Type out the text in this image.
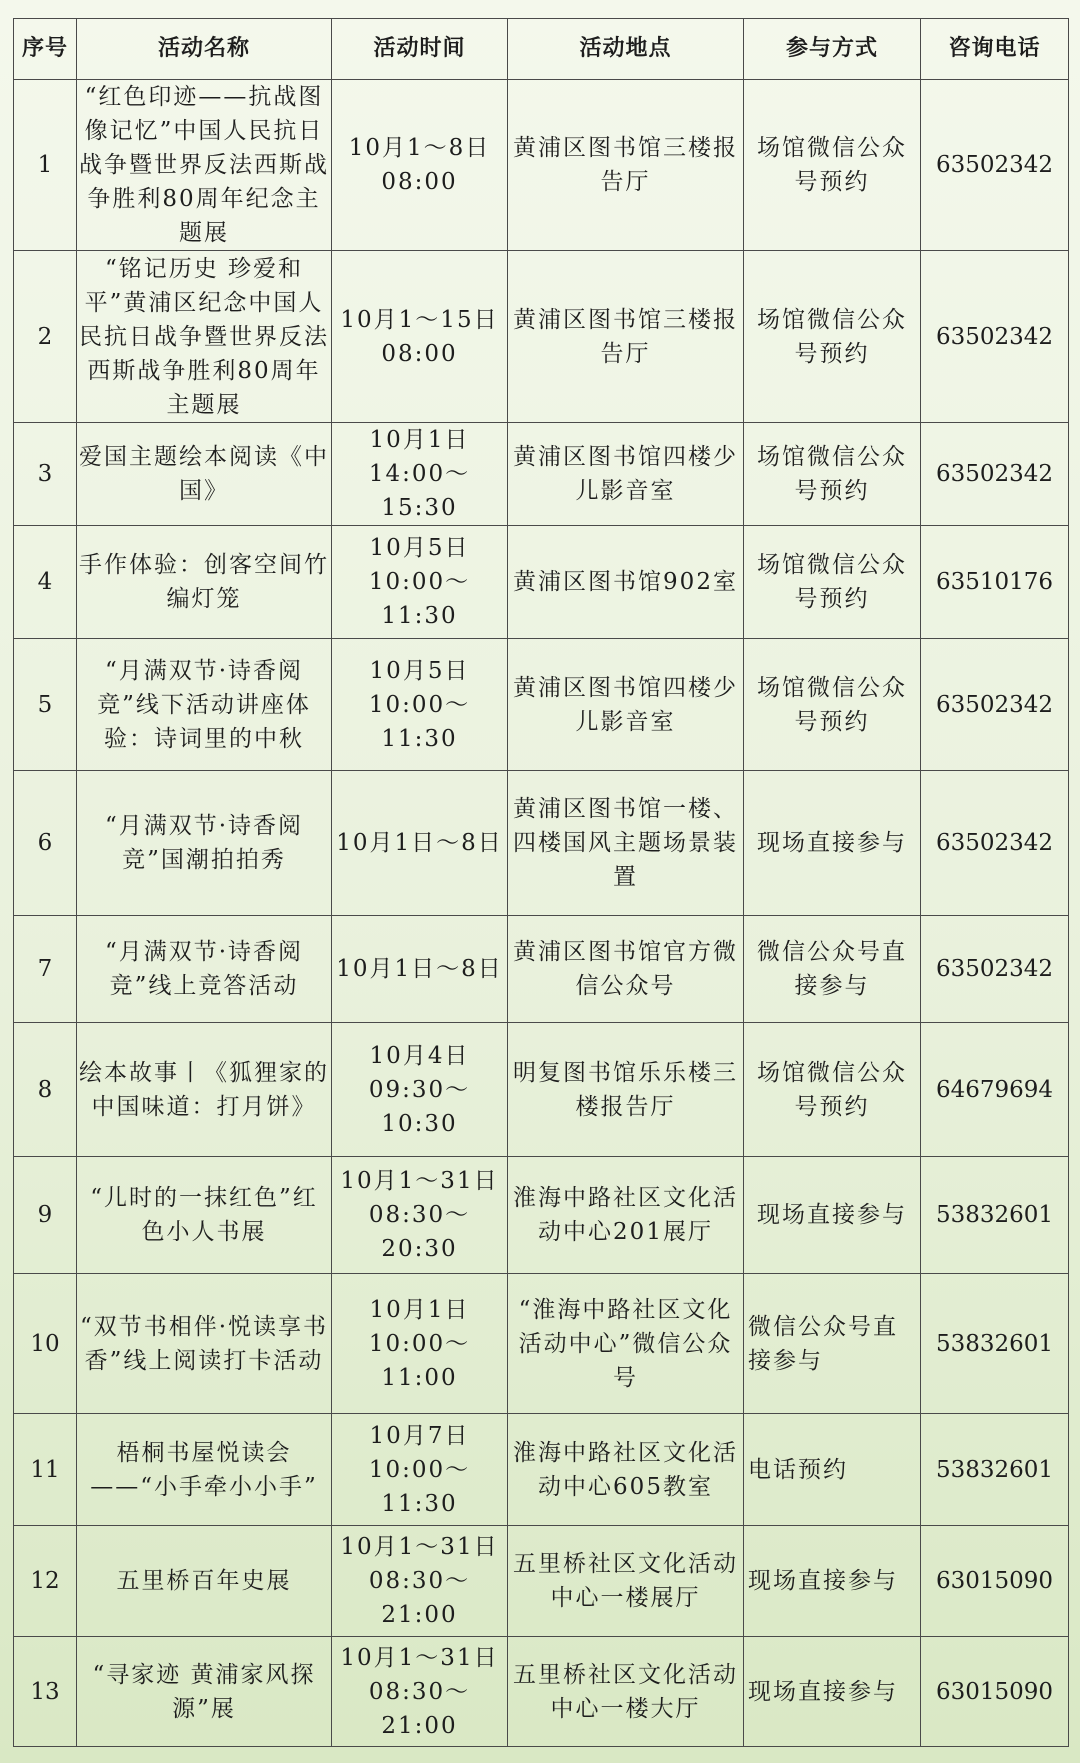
序号	活动名称	活动时间	活动地点	参与方式	咨询电话
1	“红色印迹——抗战图像记忆”中国人民抗日战争暨世界反法西斯战争胜利80周年纪念主题展	10月1～8日 08:00	黄浦区图书馆三楼报告厅	场馆微信公众号预约	63502342
2	“铭记历史 珍爱和平”黄浦区纪念中国人民抗日战争暨世界反法西斯战争胜利80周年主题展	10月1～15日 08:00	黄浦区图书馆三楼报告厅	场馆微信公众号预约	63502342
3	爱国主题绘本阅读《中国》	10月1日 14:00～15:30	黄浦区图书馆四楼少儿影音室	场馆微信公众号预约	63502342
4	手作体验：创客空间竹编灯笼	10月5日 10:00～11:30	黄浦区图书馆902室	场馆微信公众号预约	63510176
5	“月满双节·诗香阅竞”线下活动讲座体验：诗词里的中秋	10月5日 10:00～11:30	黄浦区图书馆四楼少儿影音室	场馆微信公众号预约	63502342
6	“月满双节·诗香阅竞”国潮拍拍秀	10月1日～8日	黄浦区图书馆一楼、四楼国风主题场景装置	现场直接参与	63502342
7	“月满双节·诗香阅竞”线上竞答活动	10月1日～8日	黄浦区图书馆官方微信公众号	微信公众号直接参与	63502342
8	绘本故事丨《狐狸家的中国味道：打月饼》	10月4日 09:30～10:30	明复图书馆乐乐楼三楼报告厅	场馆微信公众号预约	64679694
9	“儿时的一抹红色”红色小人书展	10月1～31日 08:30～20:30	淮海中路社区文化活动中心201展厅	现场直接参与	53832601
10	“双节书相伴·悦读享书香”线上阅读打卡活动	10月1日 10:00～11:00	“淮海中路社区文化活动中心”微信公众号	微信公众号直接参与	53832601
11	梧桐书屋悦读会——“小手牵小小手”	10月7日 10:00～11:30	淮海中路社区文化活动中心605教室	电话预约	53832601
12	五里桥百年史展	10月1～31日 08:30～21:00	五里桥社区文化活动中心一楼展厅	现场直接参与	63015090
13	“寻家迹 黄浦家风探源”展	10月1～31日 08:30～21:00	五里桥社区文化活动中心一楼大厅	现场直接参与	63015090
